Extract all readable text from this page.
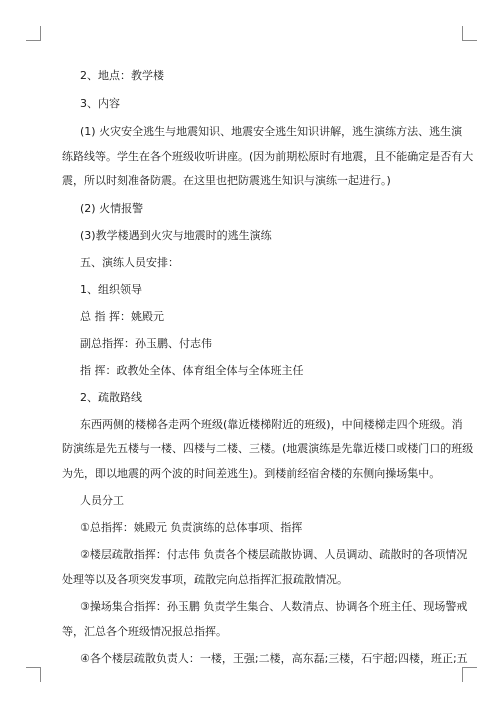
2、地点：教学楼

3、内容

(1) 火灾安全逃生与地震知识、地震安全逃生知识讲解，逃生演练方法、逃生演

练路线等。学生在各个班级收听讲座。(因为前期松原时有地震，且不能确定是否有大

震，所以时刻准备防震。在这里也把防震逃生知识与演练一起进行。)

(2) 火情报警

(3)教学楼遇到火灾与地震时的逃生演练

五、演练人员安排：

1、组织领导

总 指 挥：姚殿元

副总指挥：孙玉鹏、付志伟

指 挥：政教处全体、体育组全体与全体班主任

2、疏散路线

东西两侧的楼梯各走两个班级(靠近楼梯附近的班级)，中间楼梯走四个班级。消

防演练是先五楼与一楼、四楼与二楼、三楼。(地震演练是先靠近楼口或楼门口的班级

为先，即以地震的两个波的时间差逃生)。到楼前经宿舍楼的东侧向操场集中。

人员分工

①总指挥：姚殿元 负责演练的总体事项、指挥

②楼层疏散指挥：付志伟 负责各个楼层疏散协调、人员调动、疏散时的各项情况

处理等以及各项突发事项，疏散完向总指挥汇报疏散情况。

③操场集合指挥：孙玉鹏 负责学生集合、人数清点、协调各个班主任、现场警戒

等，汇总各个班级情况报总指挥。

④各个楼层疏散负责人：一楼，王强;二楼，高东磊;三楼，石宇超;四楼，班正;五
